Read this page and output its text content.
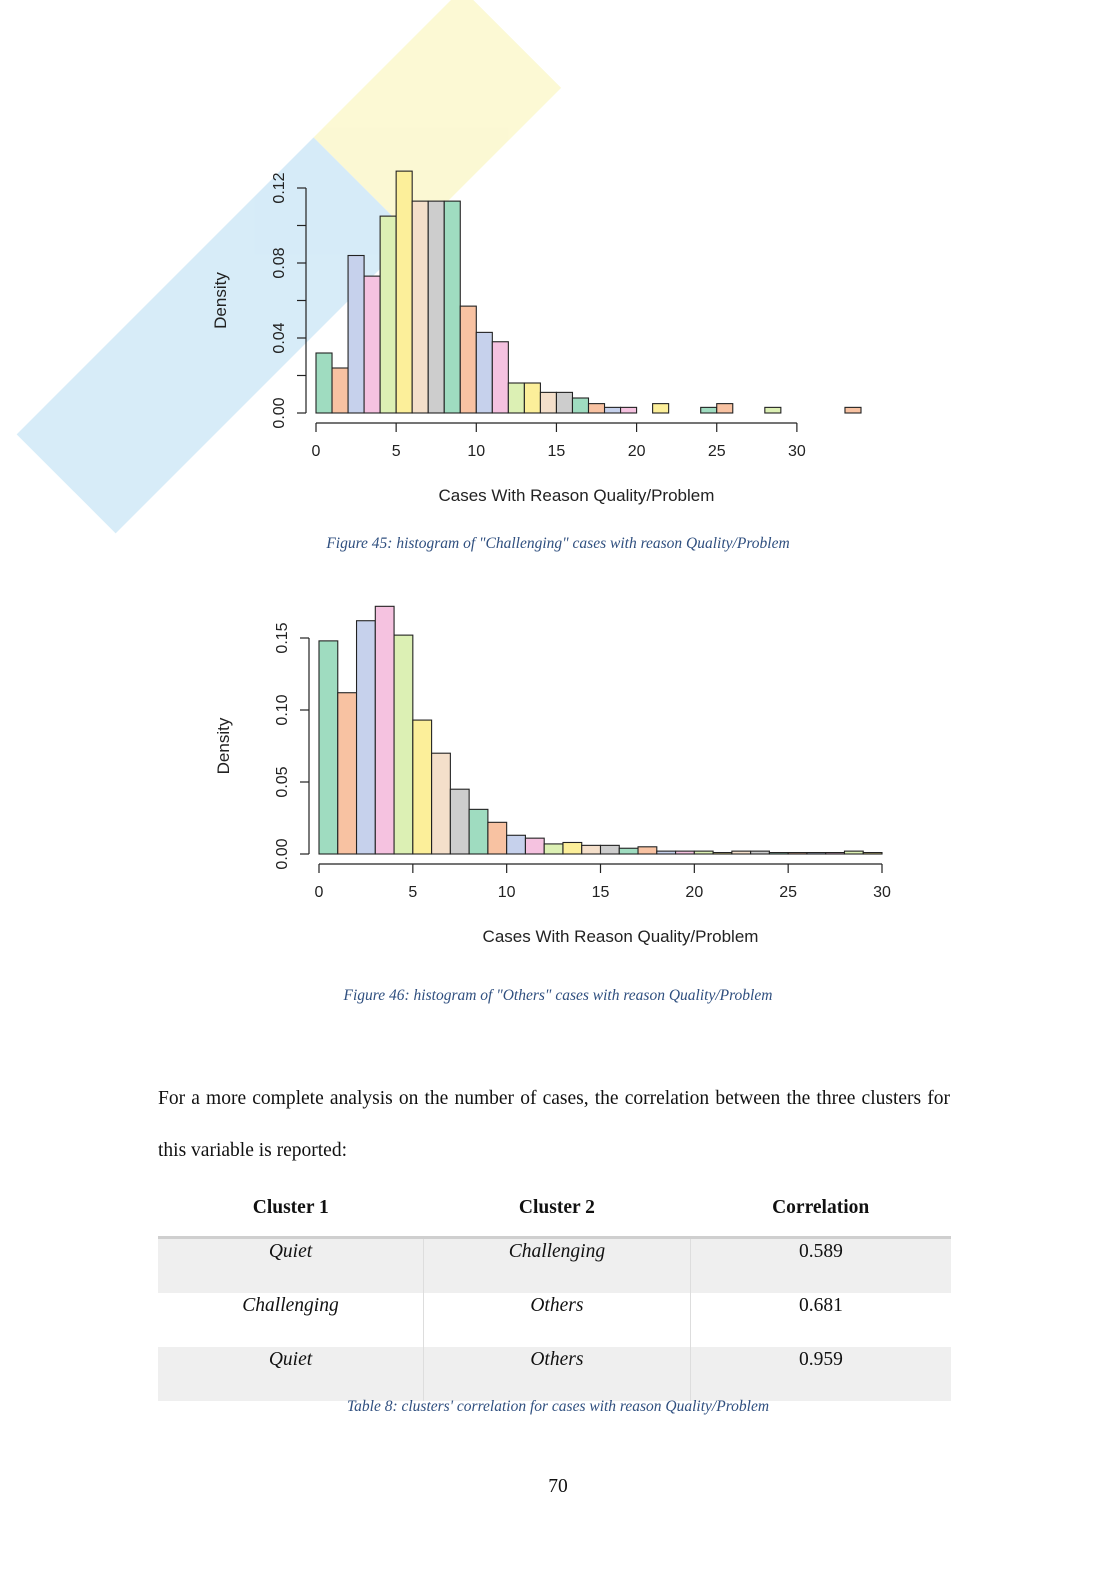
0	5	10	15	20	25	30
0.00
0.04
0.08
0.12
Cases With Reason Quality/Problem
Density
Figure 45: histogram of "Challenging" cases with reason Quality/Problem
0	5	10	15	20	25	30
0.00
0.05
0.10
0.15
Cases With Reason Quality/Problem
Density
Figure 46: histogram of "Others" cases with reason Quality/Problem
For a more complete analysis on the number of cases, the correlation between the three clusters for this variable is reported:
Cluster 1	Cluster 2	Correlation
Quiet	Challenging	0.589
Challenging	Others	0.681
Quiet	Others	0.959
Table 8: clusters' correlation for cases with reason Quality/Problem
70
